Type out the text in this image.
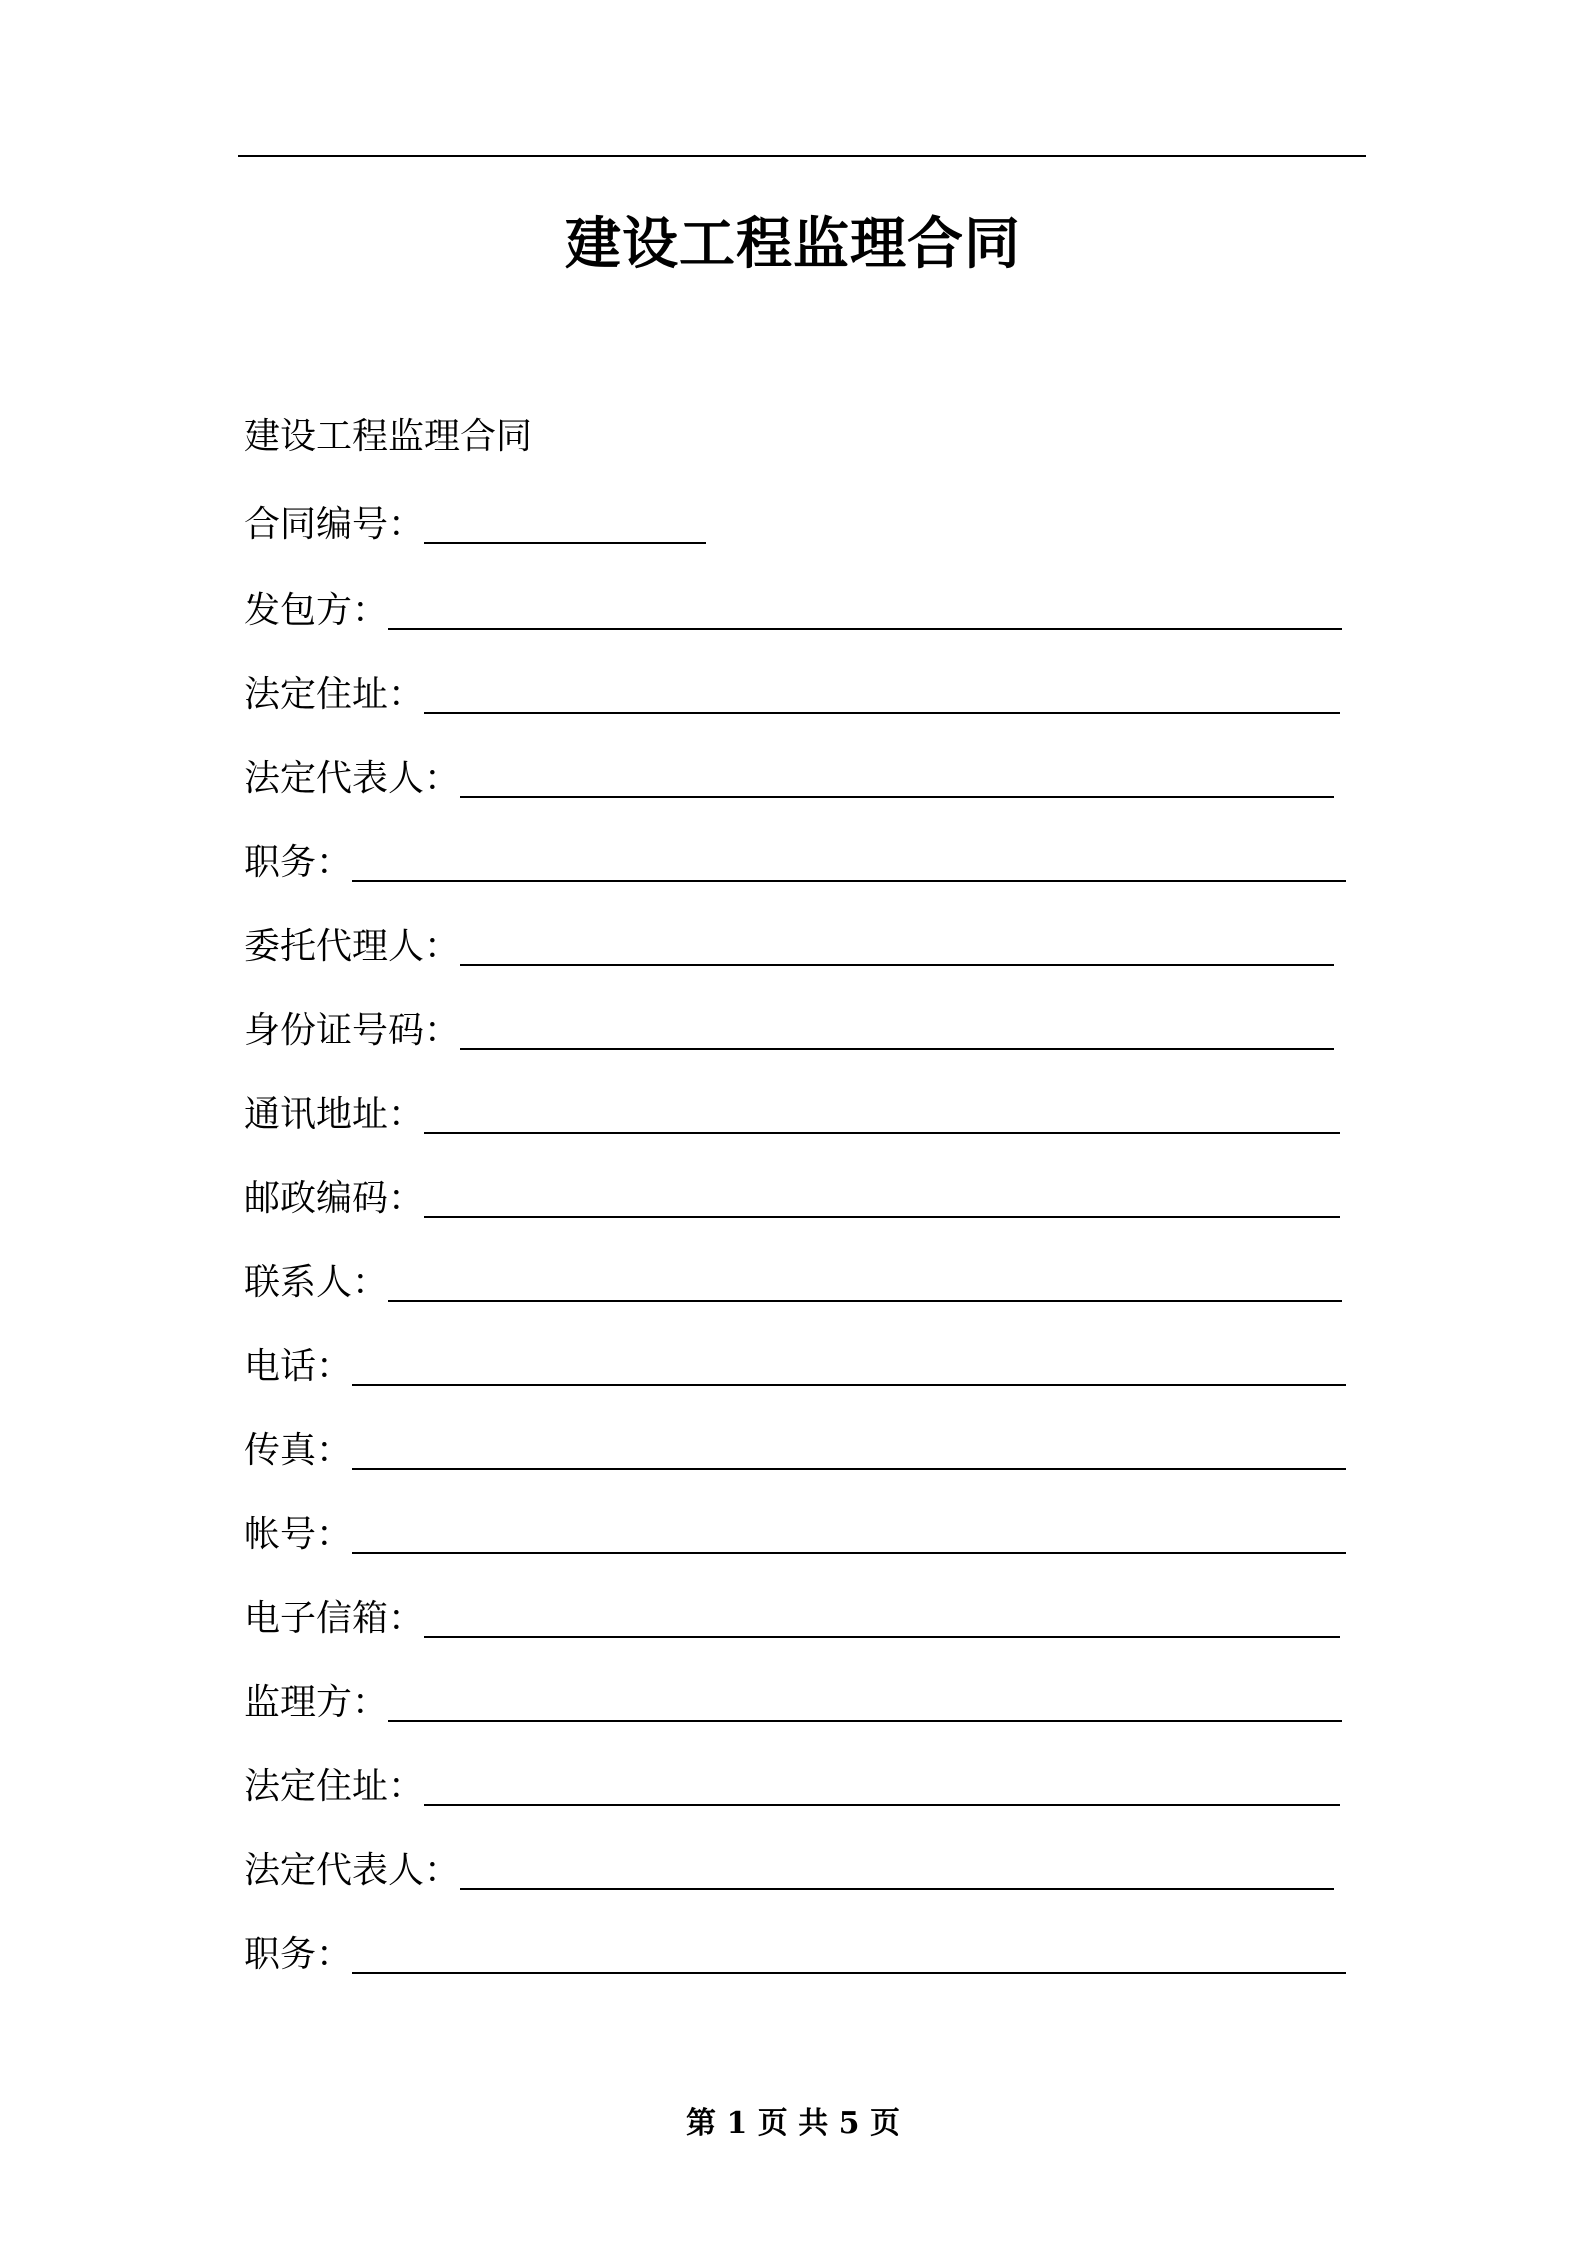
建设工程监理合同
建设工程监理合同
合同编号：
发包方：
法定住址：
法定代表人：
职务：
委托代理人：
身份证号码：
通讯地址：
邮政编码：
联系人：
电话：
传真：
帐号：
电子信箱：
监理方：
法定住址：
法定代表人：
职务：
第 1 页 共 5 页
